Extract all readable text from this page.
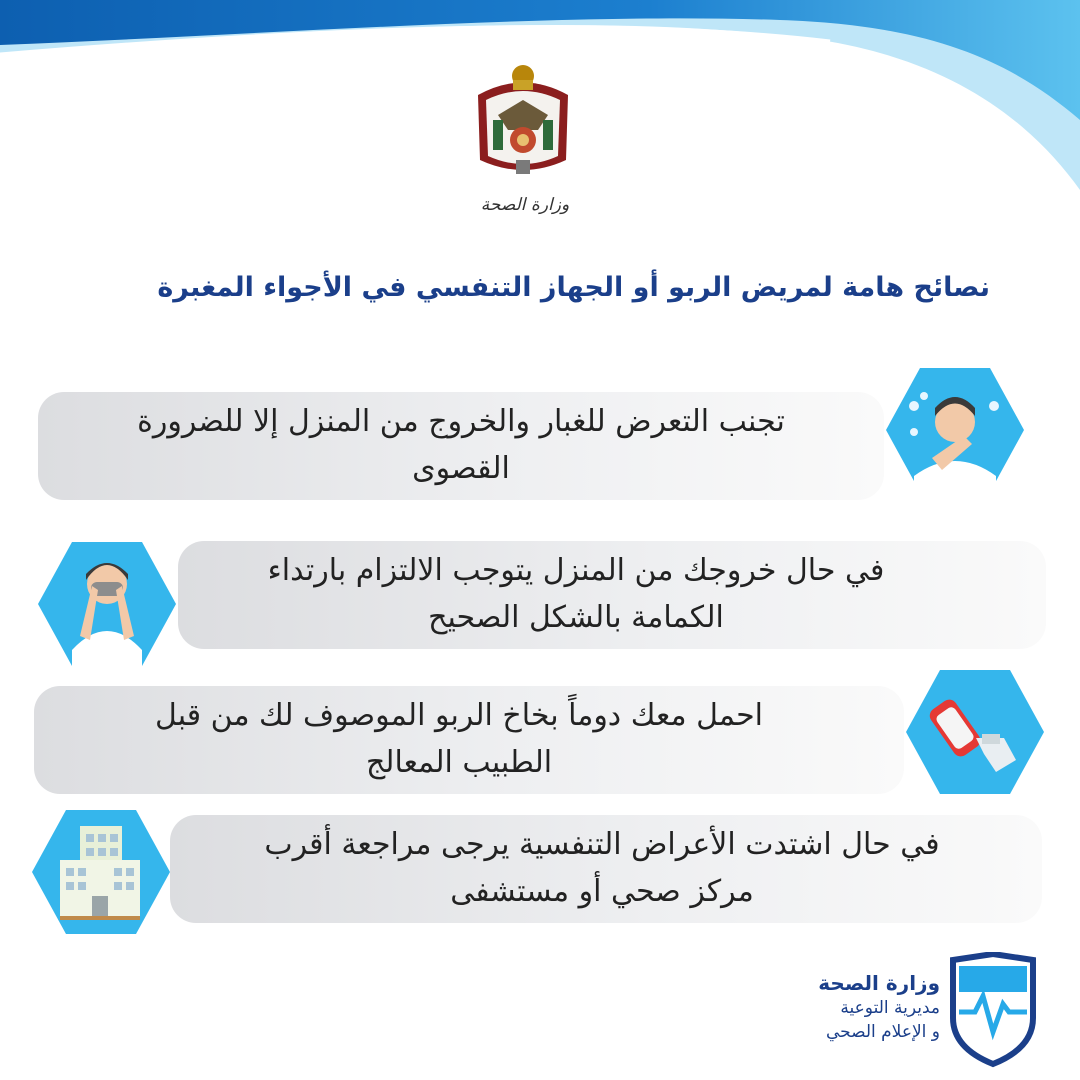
وزارة الصحة
نصائح هامة لمريض الربو أو الجهاز التنفسي في الأجواء المغبرة
تجنب التعرض للغبار والخروج من المنزل إلا للضرورة
القصوى
في حال خروجك من المنزل يتوجب الالتزام بارتداء
الكمامة بالشكل الصحيح
احمل معك دوماً بخاخ الربو الموصوف لك من قبل
الطبيب المعالج
في حال اشتدت الأعراض التنفسية يرجى مراجعة أقرب
مركز صحي أو مستشفى
وزارة الصحة
مديرية التوعية
و الإعلام الصحي
